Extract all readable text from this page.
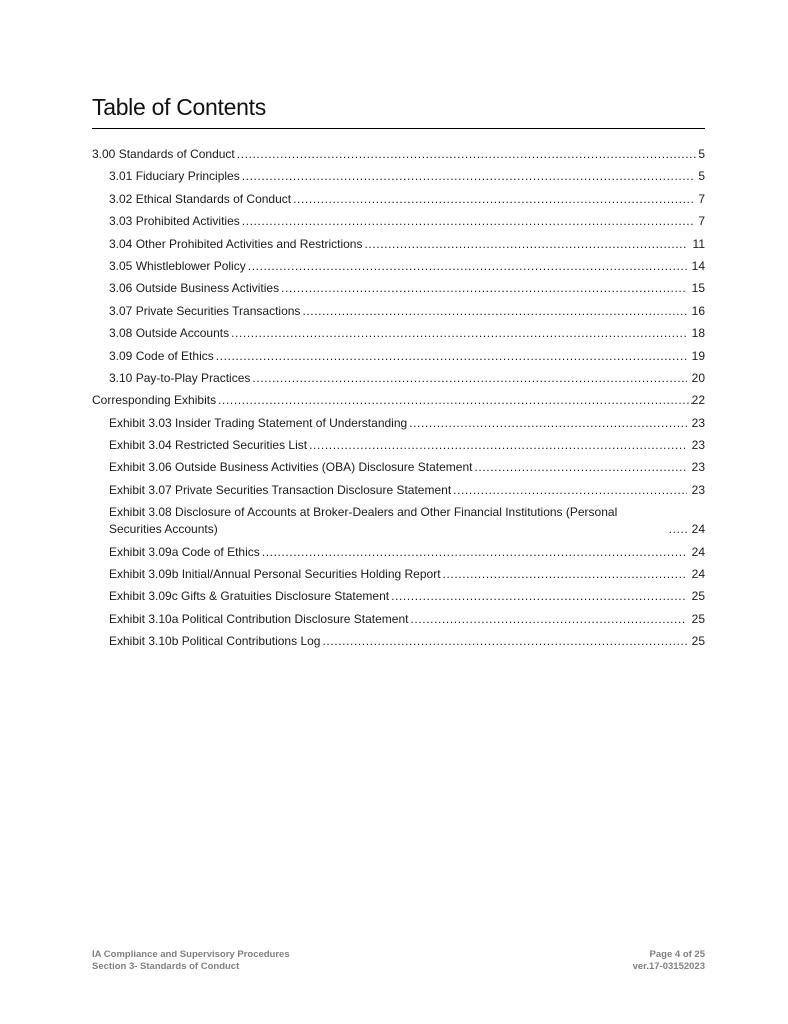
Table of Contents
3.00 Standards of Conduct .....	5
3.01 Fiduciary Principles .....	5
3.02 Ethical Standards of Conduct .....	7
3.03 Prohibited Activities .....	7
3.04 Other Prohibited Activities and Restrictions .....	11
3.05 Whistleblower Policy .....	14
3.06 Outside Business Activities .....	15
3.07 Private Securities Transactions .....	16
3.08 Outside Accounts .....	18
3.09 Code of Ethics .....	19
3.10 Pay-to-Play Practices .....	20
Corresponding Exhibits .....	22
Exhibit 3.03 Insider Trading Statement of Understanding .....	23
Exhibit 3.04 Restricted Securities List .....	23
Exhibit 3.06 Outside Business Activities (OBA) Disclosure Statement .....	23
Exhibit 3.07 Private Securities Transaction Disclosure Statement .....	23
Exhibit 3.08 Disclosure of Accounts at Broker-Dealers and Other Financial Institutions (Personal Securities Accounts) .....	24
Exhibit 3.09a Code of Ethics .....	24
Exhibit 3.09b Initial/Annual Personal Securities Holding Report .....	24
Exhibit 3.09c Gifts & Gratuities Disclosure Statement .....	25
Exhibit 3.10a Political Contribution Disclosure Statement .....	25
Exhibit 3.10b Political Contributions Log .....	25
IA Compliance and Supervisory Procedures
Section 3- Standards of Conduct
Page 4 of 25
ver.17-03152023
